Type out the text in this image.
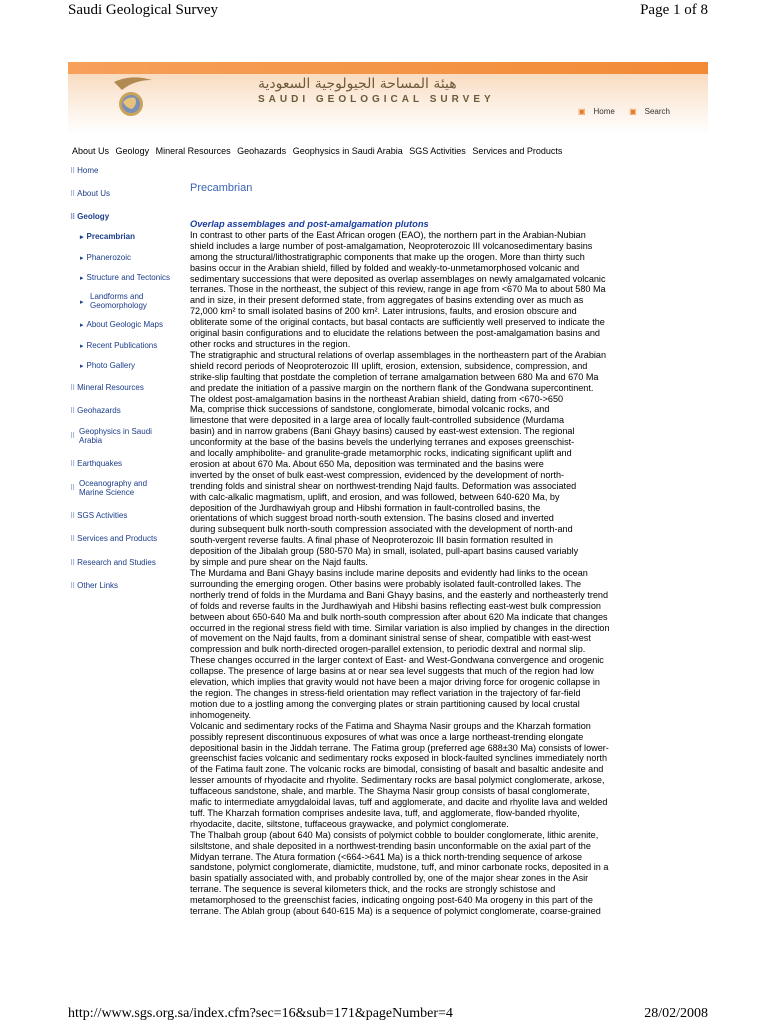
Saudi Geological Survey	Page 1 of 8
هيئة المساحة الجيولوجية السعودية
SAUDI GEOLOGICAL SURVEY
▣ Home ▣ Search
About Us Geology Mineral Resources Geohazards Geophysics in Saudi Arabia SGS Activities Services and Products
⠿ Home
⠿ About Us
⠿ Geology
▸ Precambrian
▸ Phanerozoic
▸ Structure and Tectonics
▸
Landforms and
Geomorphology
▸ About Geologic Maps
▸ Recent Publications
▸ Photo Gallery
⠿ Mineral Resources
⠿ Geohazards
⠿
Geophysics in Saudi
Arabia
⠿ Earthquakes
⠿
Oceanography and
Marine Science
⠿ SGS Activities
⠿ Services and Products
⠿ Research and Studies
⠿ Other Links
Precambrian
Overlap assemblages and post-amalgamation plutons

In contrast to other parts of the East African orogen (EAO), the northern part in the Arabian-Nubian

shield includes a large number of post-amalgamation, Neoproterozoic III volcanosedimentary basins

among the structural/lithostratigraphic components that make up the orogen. More than thirty such

basins occur in the Arabian shield, filled by folded and weakly-to-unmetamorphosed volcanic and

sedimentary successions that were deposited as overlap assemblages on newly amalgamated volcanic

terranes. Those in the northeast, the subject of this review, range in age from <670 Ma to about 580 Ma

and in size, in their present deformed state, from aggregates of basins extending over as much as

72,000 km² to small isolated basins of 200 km². Later intrusions, faults, and erosion obscure and

obliterate some of the original contacts, but basal contacts are sufficiently well preserved to indicate the

original basin configurations and to elucidate the relations between the post-amalgamation basins and

other rocks and structures in the region.

The stratigraphic and structural relations of overlap assemblages in the northeastern part of the Arabian

shield record periods of Neoproterozoic III uplift, erosion, extension, subsidence, compression, and

strike-slip faulting that postdate the completion of terrane amalgamation between 680 Ma and 670 Ma

and predate the initiation of a passive margin on the northern flank of the Gondwana supercontinent.

The oldest post-amalgamation basins in the northeast Arabian shield, dating from <670->650

Ma, comprise thick successions of sandstone, conglomerate, bimodal volcanic rocks, and

limestone that were deposited in a large area of locally fault-controlled subsidence (Murdama

basin) and in narrow grabens (Bani Ghayy basins) caused by east-west extension. The regional

unconformity at the base of the basins bevels the underlying terranes and exposes greenschist-

and locally amphibolite- and granulite-grade metamorphic rocks, indicating significant uplift and

erosion at about 670 Ma. About 650 Ma, deposition was terminated and the basins were

inverted by the onset of bulk east-west compression, evidenced by the development of north-

trending folds and sinistral shear on northwest-trending Najd faults. Deformation was associated

with calc-alkalic magmatism, uplift, and erosion, and was followed, between 640-620 Ma, by

deposition of the Jurdhawiyah group and Hibshi formation in fault-controlled basins, the

orientations of which suggest broad north-south extension. The basins closed and inverted

during subsequent bulk north-south compression associated with the development of north-and

south-vergent reverse faults. A final phase of Neoproterozoic III basin formation resulted in

deposition of the Jibalah group (580-570 Ma) in small, isolated, pull-apart basins caused variably

by simple and pure shear on the Najd faults.

The Murdama and Bani Ghayy basins include marine deposits and evidently had links to the ocean

surrounding the emerging orogen. Other basins were probably isolated fault-controlled lakes. The

northerly trend of folds in the Murdama and Bani Ghayy basins, and the easterly and northeasterly trend

of folds and reverse faults in the Jurdhawiyah and Hibshi basins reflecting east-west bulk compression

between about 650-640 Ma and bulk north-south compression after about 620 Ma indicate that changes

occurred in the regional stress field with time. Similar variation is also implied by changes in the direction

of movement on the Najd faults, from a dominant sinistral sense of shear, compatible with east-west

compression and bulk north-directed orogen-parallel extension, to periodic dextral and normal slip.

These changes occurred in the larger context of East- and West-Gondwana convergence and orogenic

collapse. The presence of large basins at or near sea level suggests that much of the region had low

elevation, which implies that gravity would not have been a major driving force for orogenic collapse in

the region. The changes in stress-field orientation may reflect variation in the trajectory of far-field

motion due to a jostling among the converging plates or strain partitioning caused by local crustal

inhomogeneity.

Volcanic and sedimentary rocks of the Fatima and Shayma Nasir groups and the Kharzah formation

possibly represent discontinuous exposures of what was once a large northeast-trending elongate

depositional basin in the Jiddah terrane. The Fatima group (preferred age 688±30 Ma) consists of lower-

greenschist facies volcanic and sedimentary rocks exposed in block-faulted synclines immediately north

of the Fatima fault zone. The volcanic rocks are bimodal, consisting of basalt and basaltic andesite and

lesser amounts of rhyodacite and rhyolite. Sedimentary rocks are basal polymict conglomerate, arkose,

tuffaceous sandstone, shale, and marble. The Shayma Nasir group consists of basal conglomerate,

mafic to intermediate amygdaloidal lavas, tuff and agglomerate, and dacite and rhyolite lava and welded

tuff. The Kharzah formation comprises andesite lava, tuff, and agglomerate, flow-banded rhyolite,

rhyodacite, dacite, siltstone, tuffaceous graywacke, and polymict conglomerate.

The Thalbah group (about 640 Ma) consists of polymict cobble to boulder conglomerate, lithic arenite,

silsltstone, and shale deposited in a northwest-trending basin unconformable on the axial part of the

Midyan terrane. The Atura formation (<664->641 Ma) is a thick north-trending sequence of arkose

sandstone, polymict conglomerate, diamictite, mudstone, tuff, and minor carbonate rocks, deposited in a

basin spatially associated with, and probably controlled by, one of the major shear zones in the Asir

terrane. The sequence is several kilometers thick, and the rocks are strongly schistose and

metamorphosed to the greenschist facies, indicating ongoing post-640 Ma orogeny in this part of the

terrane. The Ablah group (about 640-615 Ma) is a sequence of polymict conglomerate, coarse-grained

http://www.sgs.org.sa/index.cfm?sec=16&sub=171&pageNumber=4	28/02/2008
